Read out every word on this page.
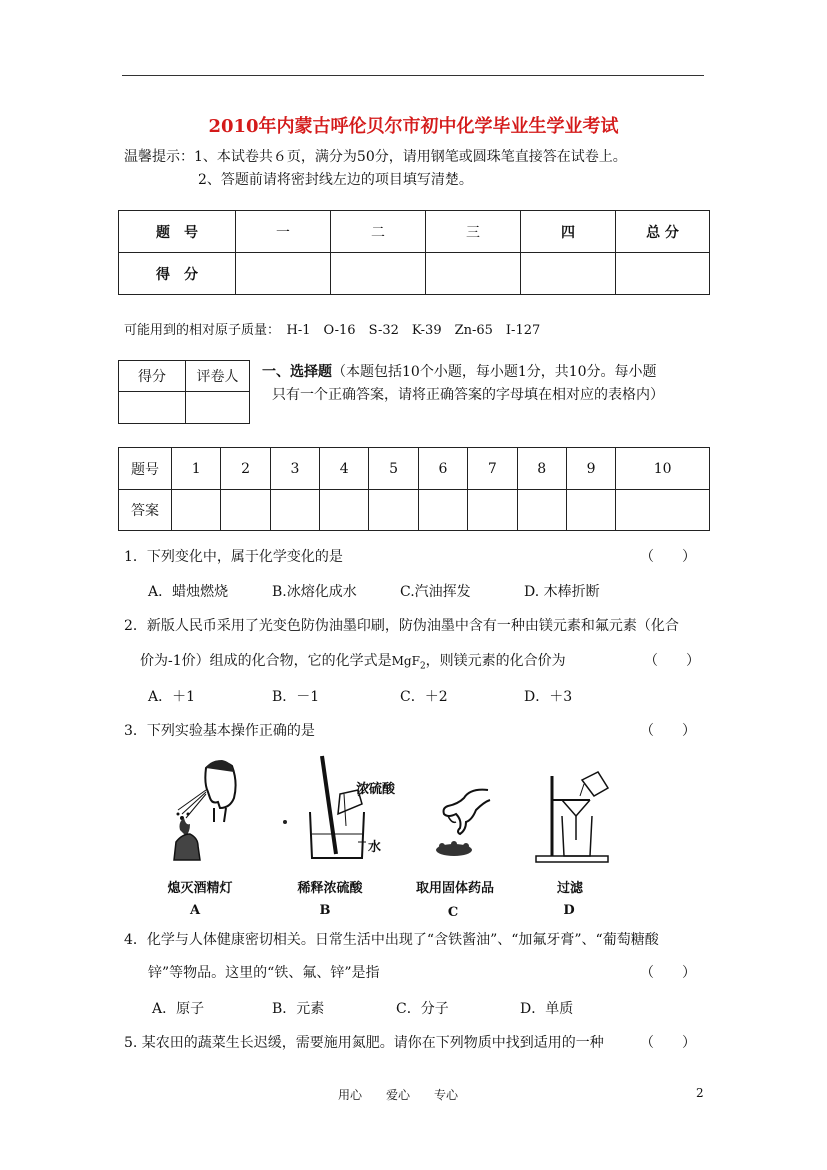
2010年内蒙古呼伦贝尔市初中化学毕业生学业考试
温馨提示：1、本试卷共６页，满分为50分，请用钢笔或圆珠笔直接答在试卷上。
2、答题前请将密封线左边的项目填写清楚。
题　号	一	二	三	四	总 分
得　分					
可能用到的相对原子质量：　H-1　O-16　S-32　K-39　Zn-65　I-127
得分	评卷人
	一、选择题（本题包括10个小题，每小题1分，共10分。每小题
只有一个正确答案，请将正确答案的字母填在相对应的表格内）
题号	1	2	3	4	5	6	7	8	9	10
答案										
1．下列变化中，属于化学变化的是	（　　）
A．蜡烛燃烧	B.冰熔化成水	C.汽油挥发	D. 木棒折断
2．新版人民币采用了光变色防伪油墨印刷，防伪油墨中含有一种由镁元素和氟元素（化合
价为-1价）组成的化合物，它的化学式是MgF$_2$，则镁元素的化合价为	（　　）
A．＋1	B．－1	C．＋2	D．＋3
3．下列实验基本操作正确的是	（　　）
熄灭酒精灯
A
浓硫酸
水
稀释浓硫酸
B
取用固体药品
C
过滤
D
4．化学与人体健康密切相关。日常生活中出现了“含铁酱油”、“加氟牙膏”、“葡萄糖酸
锌”等物品。这里的“铁、氟、锌”是指	（　　）
A．原子	B．元素	C．分子	D．单质
5. 某农田的蔬菜生长迟缓，需要施用氮肥。请你在下列物质中找到适用的一种	（　　）
用心　　爱心　　专心	2
